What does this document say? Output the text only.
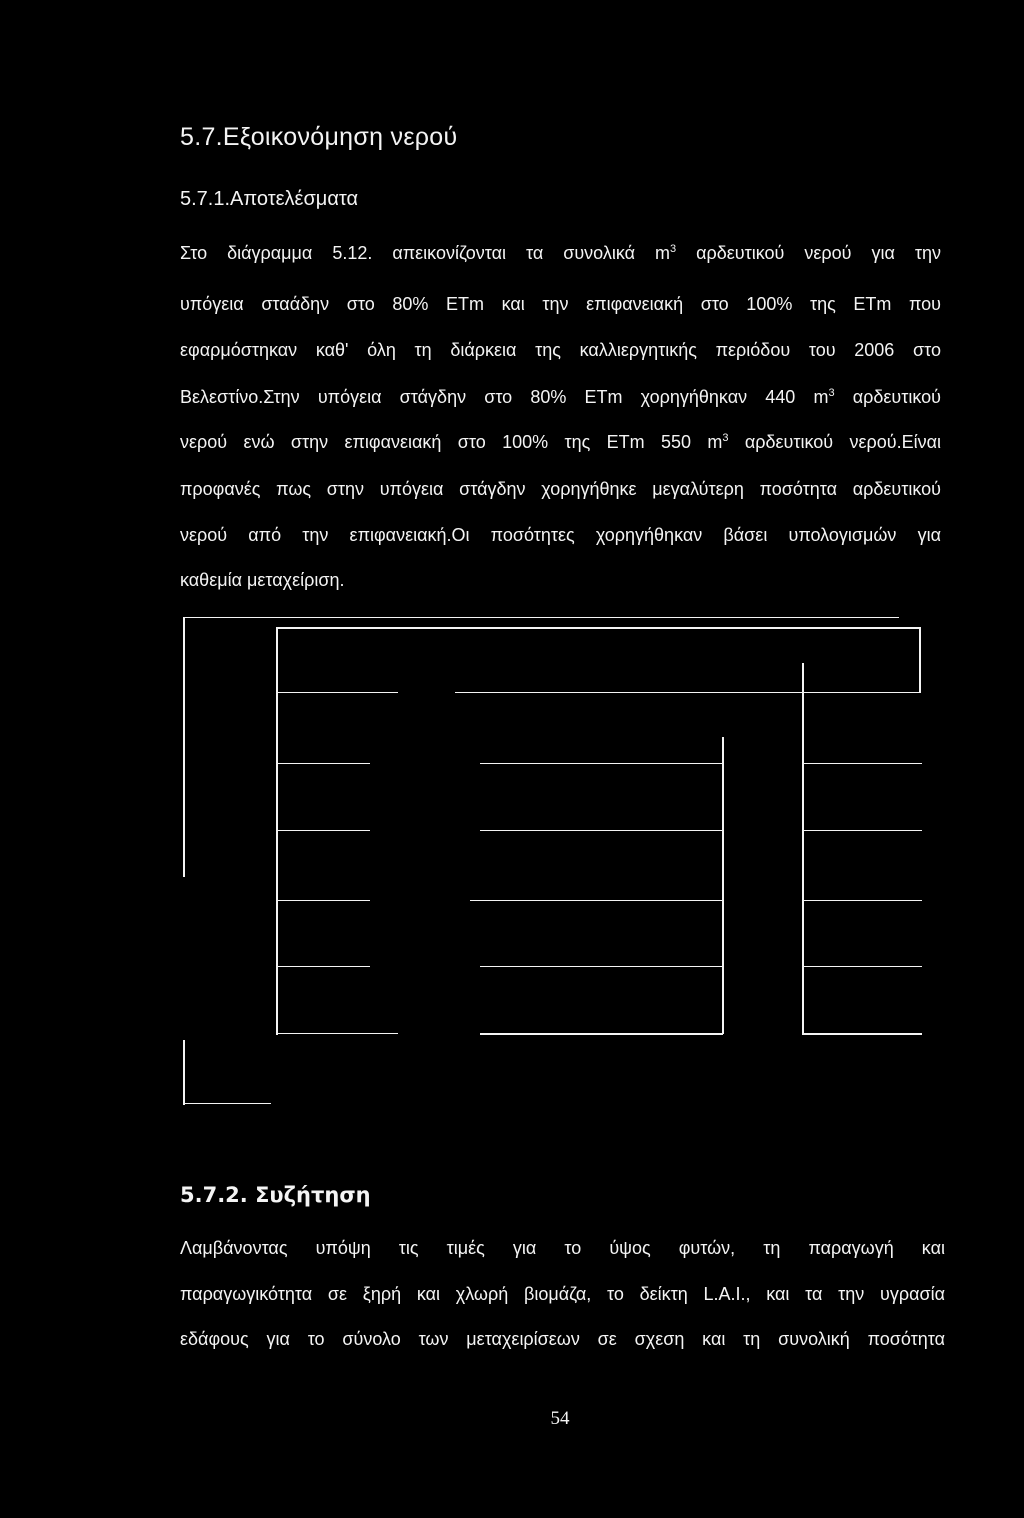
5.7.Εξοικονόμηση νερού
5.7.1.Αποτελέσματα
Στο διάγραμμα 5.12. απεικονίζονται τα συνολικά $m^3$ αρδευτικού νερού για την
υπόγεια σταάδην στο 80% ETm και την επιφανειακή στο 100% της ETm που
εφαρμόστηκαν καθ' όλη τη διάρκεια της καλλιεργητικής περιόδου του 2006 στο
Βελεστίνο.Στην υπόγεια στάγδην στο 80% ETm χορηγήθηκαν 440 $m^3$ αρδευτικού
νερού ενώ στην επιφανειακή στο 100% της ETm 550 $m^3$ αρδευτικού νερού.Είναι
προφανές πως στην υπόγεια στάγδην χορηγήθηκε μεγαλύτερη ποσότητα αρδευτικού
νερού από την επιφανειακή.Οι ποσότητες χορηγήθηκαν βάσει υπολογισμών για
καθεμία μεταχείριση.
5.7.2. Συζήτηση
Λαμβάνοντας υπόψη τις τιμές για το ύψος φυτών, τη παραγωγή και
παραγωγικότητα σε ξηρή και χλωρή βιομάζα, το δείκτη L.A.I., και τα την υγρασία
εδάφους για το σύνολο των μεταχειρίσεων σε σχεση και τη συνολική ποσότητα
54
